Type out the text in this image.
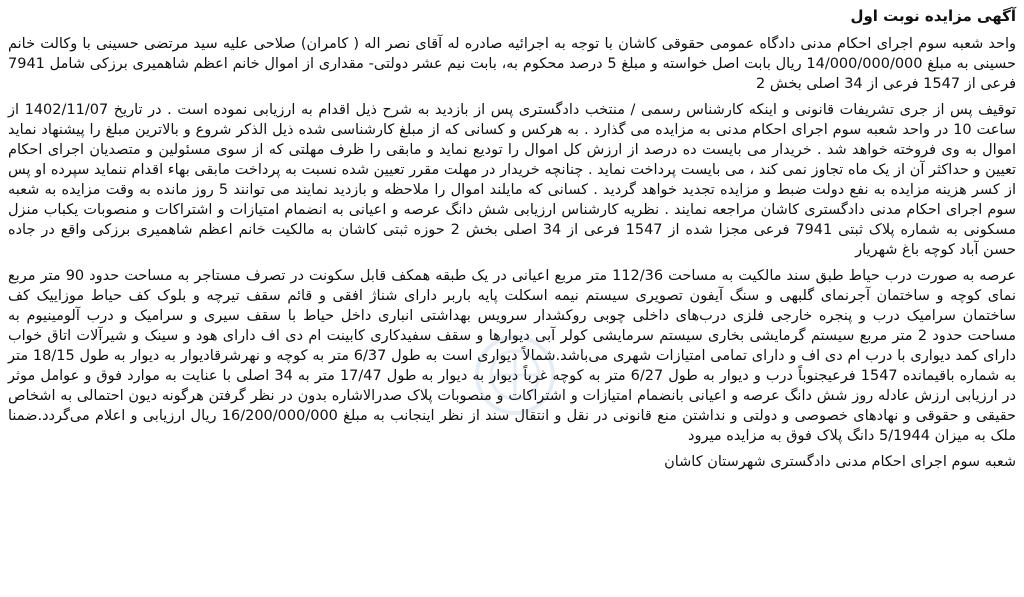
آگهی مزایده نوبت اول

واحد شعبه سوم اجرای احکام مدنی دادگاه عمومی حقوقی کاشان با توجه به اجرائیه صادره له آقای نصر اله ( کامران) صلاحی علیه سید مرتضی حسینی با وکالت خانم حسینی به مبلغ 14/000/000/000 ریال بابت اصل خواسته و مبلغ 5 درصد محکوم به، بابت نیم عشر دولتی- مقداری از اموال خانم اعظم شاهمیری برزکی شامل 7941 فرعی از 1547 فرعی از 34 اصلی بخش 2

توقیف پس از جری تشریفات قانونی و اینکه کارشناس رسمی / منتخب دادگستری پس از بازدید به شرح ذیل اقدام به ارزیابی نموده است . در تاریخ 1402/11/07 از ساعت 10 در واحد شعبه سوم اجرای احکام مدنی به مزایده می گذارد . به هرکس و کسانی که از مبلغ کارشناسی شده ذیل الذکر شروع و بالاترین مبلغ را پیشنهاد نماید اموال به وی فروخته خواهد شد . خریدار می بایست ده درصد از ارزش کل اموال را تودیع نماید و مابقی را ظرف مهلتی که از سوی مسئولین و متصدیان اجرای احکام تعیین و حداکثر آن از یک ماه تجاوز نمی کند ، می بایست پرداخت نماید . چنانچه خریدار در مهلت مقرر تعیین شده نسبت به پرداخت مابقی بهاء اقدام ننماید سپرده او پس از کسر هزینه مزایده به نفع دولت ضبط و مزایده تجدید خواهد گردید . کسانی که مایلند اموال را ملاحظه و بازدید نمایند می توانند 5 روز مانده به وقت مزایده به شعبه سوم اجرای احکام مدنی دادگستری کاشان مراجعه نمایند . نظریه کارشناس ارزیابی شش دانگ عرصه و اعیانی به انضمام امتیازات و اشتراکات و منصوبات یکباب منزل مسکونی به شماره پلاک ثبتی 7941 فرعی مجزا شده از 1547 فرعی از 34 اصلی بخش 2 حوزه ثبتی کاشان به مالکیت خانم اعظم شاهمیری برزکی واقع در جاده حسن آباد کوچه باغ شهریار

عرصه به صورت درب حیاط طبق سند مالکیت به مساحت 112/36 متر مربع اعیانی در یک طبقه همکف قابل سکونت در تصرف مستاجر به مساحت حدود 90 متر مربع نمای کوچه و ساختمان آجرنمای گلبهی و سنگ آیفون تصویری سیستم نیمه اسکلت پایه باربر دارای شناژ افقی و قائم سقف تیرچه و بلوک کف حیاط موزاییک کف ساختمان سرامیک درب و پنجره خارجی فلزی درب‌های داخلی چوبی روکشدار سرویس بهداشتی انباری داخل حیاط با سقف سیری و سرامیک و درب آلومینیوم به مساحت حدود 2 متر مربع سیستم گرمایشی بخاری سیستم سرمایشی کولر آبی دیوارها و سقف سفیدکاری کابینت ام دی اف دارای هود و سینک و شیرآلات اتاق خواب دارای کمد دیواری با درب ام دی اف و دارای تمامی امتیازات شهری می‌باشد.شمالاً دیواری است به طول 6/37 متر به کوچه و نهرشرقادیوار به دیوار به طول 18/15 متر به شماره باقیمانده 1547 فرعیجنوباً درب و دیوار به طول 6/27 متر به کوچه غرباً دیوار به دیوار به طول 17/47 متر به 34 اصلی با عنایت به موارد فوق و عوامل موثر در ارزیابی ارزش عادله روز شش دانگ عرصه و اعیانی بانضمام امتیازات و اشتراکات و منصوبات پلاک صدرالاشاره بدون در نظر گرفتن هرگونه دیون احتمالی به اشخاص حقیقی و حقوقی و نهادهای خصوصی و دولتی و نداشتن منع قانونی در نقل و انتقال سند از نظر اینجانب به مبلغ 16/200/000/000 ریال ارزیابی و اعلام می‌گردد.ضمنا ملک به میزان 5/1944 دانگ پلاک فوق به مزایده میرود

شعبه سوم اجرای احکام مدنی دادگستری شهرستان کاشان
